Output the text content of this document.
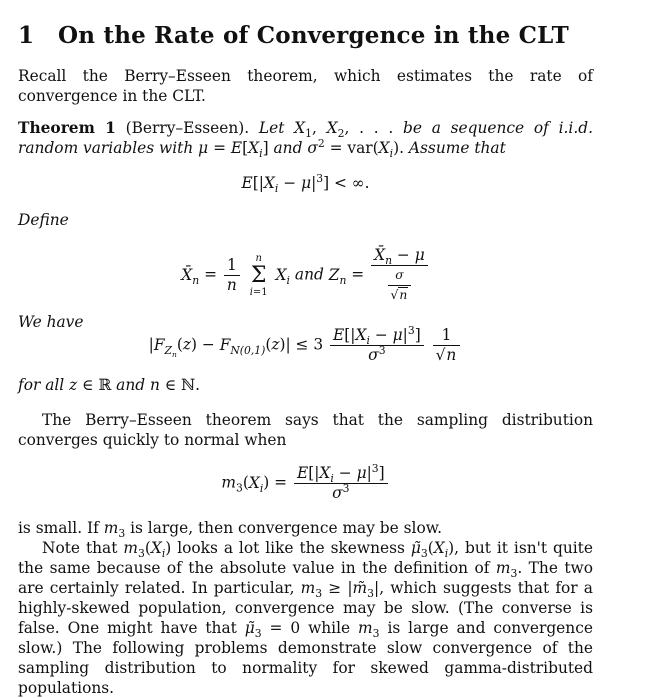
1 On the Rate of Convergence in the CLT

Recall the Berry–Esseen theorem, which estimates the rate of convergence in the CLT.

Theorem 1 (Berry–Esseen). Let $X_1$, $X_2$, . . . be a sequence of i.i.d. random variables with $\mu = E[X_i]$ and $\sigma^2 = var(X_i)$. Assume that

$E[|X_i - \mu|^3]$ < ∞.
Define
$X̄_n = \frac{1}{n}$
	n
Σ
i=1
$X_i$ and $Z_n = \frac{X̄_n - \mu}{\frac{\sigma}{√n}}$
We have
$|F_{Z_n}(z) - F_{N(0,1)}(z)| \le 3 \frac{E[|X_i - \mu|^3]}{\sigma^3}$
$\frac{1}{√n}$
for all z ∈ ℝ and n ∈ ℕ.

The Berry–Esseen theorem says that the sampling distribution converges quickly to normal when

$m_3(X_i) = \frac{E[|X_i - \mu|^3]}{\sigma^3}$

is small. If $m_3$ is large, then convergence may be slow.

Note that $m_3(X_i)$ looks a lot like the skewness $\mũ_3(X_i)$, but it isn't quite the same because of the absolute value in the definition of $m_3$. The two are certainly related. In particular, $m_3$ ≥ $|m̃_3|$, which suggests that for a highly-skewed population, convergence may be slow. (The converse is false. One might have that $\mũ_3 = 0$ while $m_3$ is large and convergence slow.) The following problems demonstrate slow convergence of the sampling distribution to normality for skewed gamma-distributed populations.
